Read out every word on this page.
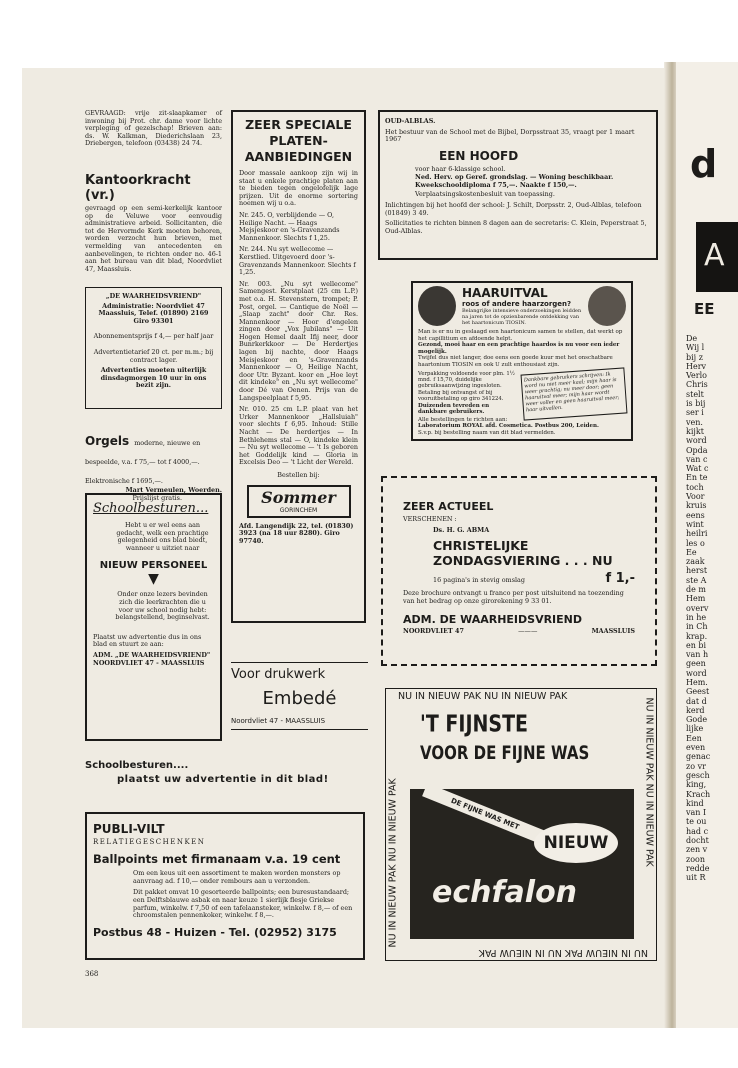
GEVRAAGD: vrije zit-slaapkamer of inwoning bij Prot. chr. dame voor lichte verpleging of gezelschap! Brieven aan: ds. W. Kalkman, Diederichslaan 23, Driebergen, telefoon (03438) 24 74.
Kantoorkracht (vr.)
gevraagd op een semi-kerkelijk kantoor op de Veluwe voor eenvoudig administratieve arbeid. Sollicitanten, die tot de Hervormde Kerk moeten behoren, worden verzocht hun brieven, met vermelding van antecedenten en aanbevelingen, te richten onder no. 46-1 aan het bureau van dit blad, Noordvliet 47, Maassluis.
„DE WAARHEIDSVRIEND"
Administratie: Noordvliet 47 Maassluis, Telef. (01890) 2169 Giro 93301
Abonnementsprijs f 4,— per half jaar
Advertentietarief 20 ct. per m.m.; bij contract lager.
Advertenties moeten uiterlijk dinsdagmorgen 10 uur in ons bezit zijn.
Orgels moderne, nieuwe en bespeelde, v.a. f 75,— tot f 4000,—. Elektronische f 1695,—.
Mart Vermeulen, Woerden.
Prijslijst gratis.
Schoolbesturen...
Hebt u er wel eens aan gedacht, welk een prachtige gelegenheid ons blad biedt, wanneer u uitziet naar
NIEUW PERSONEEL
▼
Onder onze lezers bevinden zich die leerkrachten die u voor uw school nodig hebt: belangstellend, beginselvast.
Plaatst uw advertentie dus in ons blad en stuurt ze aan:
ADM. „DE WAARHEIDSVRIEND" NOORDVLIET 47 - MAASSLUIS
ZEER SPECIALE PLATEN-AANBIEDINGEN
Door massale aankoop zijn wij in staat u enkele prachtige platen aan te bieden tegen ongelofelijk lage prijzen. Uit de enorme sortering noemen wij u o.a.
Nr. 245. O, verblijdende — O, Heilige Nacht. — Haags Mejsjeskoor en 's-Gravenzands Mannenkoor. Slechts f 1,25.
Nr. 244. Nu syt wellecome — Kerstlied. Uitgevoerd door 's-Gravenzands Mannenkoor. Slechts f 1,25.
Nr. 003. „Nu syt wellecome" Samengest. Kerstplaat (25 cm L.P.) met o.a. H. Stevenstern, trompet; P. Post, orgel. — Cantique de Noël — „Slaap zacht" door Chr. Res. Mannenkoor — Hoor d'engelen zingen door „Vox Jubilans" — Uit Hogen Hemel daalt Ifij neer, door Bunrkerkkoor — De Herdertjes lagen bij nachte, door Haags Meisjeskoor en 's-Gravenzands Mannenkoor — O, Heilige Nacht, door Utr. Byzant. koor en „Hoe leyt dit kindeke" en „Nu syt wellecome" door Dé van Oenen. Prijs van de Langspeelplaat f 5,95.
Nr. 010. 25 cm L.P. plaat van het Urker Mannenkoor „Hallsluiah" voor slechts f 6,95. Inhoud: Stille Nacht — De herdertjes — In Bethlehems stal — O, kindeke klein — Nu syt wellecome — 't Is geboren het Goddelijk kind — Gloria in Excelsis Deo — 't Licht der Wereld.
Bestellen bij:
Sommer
GORINCHEM
Afd. Langendijk 22, tel. (01830) 3923 (na 18 uur 8280). Giro 97740.
Voor drukwerk
Embedé
Noordvliet 47 - MAASSLUIS
Schoolbesturen....
plaatst uw advertentie in dit blad!
PUBLI-VILT
RELATIEGESCHENKEN
Ballpoints met firmanaam v.a. 19 cent
Om een keus uit een assortiment te maken worden monsters op aanvraag ad. f 10,— onder rembours aan u verzonden.
Dit pakket omvat 10 gesorteerde ballpoints; een buresustandaard; een Delftsblauwe asbak en naar keuze 1 sierlijk flesje Griekse parfum, winkelw. f 7,50 of een tafelaansteker, winkelw. f 8,— of een chroomstalen pennenkoker, winkelw. f 8,—.
Postbus 48 - Huizen - Tel. (02952) 3175
OUD-ALBLAS.
Het bestuur van de School met de Bijbel, Dorpsstraat 35, vraagt per 1 maart 1967
EEN HOOFD
voor haar 6-klassige school.
Ned. Herv. op Geref. grondslag. — Woning beschikbaar. Kweekschooldiploma f 75,—. Naakte f 150,—.
Verplaatsingskostenbesluit van toepassing.
Inlichtingen bij het hoofd der school: J. Schilt, Dorpsstr. 2, Oud-Alblas, telefoon (01849) 3 49.
Sollicitaties te richten binnen 8 dagen aan de secretaris: C. Klein, Peperstraat 5, Oud-Alblas.
HAARUITVAL
roos of andere haarzorgen?
Belangrijke intensieve onderzoekingen leidden na jaren tot de opzienbarende ontdekking van het haartonicum TIOSIN.
Man is er nu in geslaagd een haartonicum samen te stellen, dat werkt op het capillitium en afdoende helpt.
Gezond, mooi haar en een prachtige haardos is nu voor een ieder mogelijk.
Twijfel dus niet langer, doe eens een goede kuur met het onschatbare haartonium TIOSIN en ook U zult enthousiast zijn.
Verpakking voldoende voor plm. 1½ mnd. f 15,70, duidelijke gebruiksaanwijzing ingesloten. Betaling bij ontvangst of bij vooruitbetaling op giro 341224.
Duizenden tevreden en dankbare gebruikers.
Dankbare gebruikers schrijven: Ik word nu niet meer kaal; mijn haar is weer prachtig; nu meer door; geen haaruitval meer; mijn haar wordt weer voller en geen haaruitval meer; haar uitvallen.
Alle bestellingen te richten aan:
Laboratorium ROYAL afd. Cosmetica. Postbus 200, Leiden.
S.v.p. bij bestelling naam van dit blad vermelden.
ZEER ACTUEEL
VERSCHENEN :
Ds. H. G. ABMA
CHRISTELIJKE
ZONDAGSVIERING . . . NU
16 pagina's in stevig omslag	f 1,-
Deze brochure ontvangt u franco per post uitsluitend na toezending van het bedrag op onze girorekening 9 33 01.
ADM. DE WAARHEIDSVRIEND
NOORDVLIET 47	———	MAASSLUIS
NU IN NIEUW PAK NU IN NIEUW PAK
NU IN NIEUW PAK NU IN NIEUW PAK
NU IN NIEUW PAK NU IN NIEUW PAK	NU IN NIEUW PAK NU IN NIEUW PAK
'T FIJNSTE
VOOR DE FIJNE WAS
DE FIJNE WAS MET
NIEUW
echfalon
368
d
A
EE
De
Wij l
bij z
Herv
Verlo
Chris
stelt
is bij
ser i
ven.
kijkt
word
Opda
van c
Wat c
En te
toch
Voor
kruis
eens
wint
heilri
les o
Ee
zaak
herst
ste A
de m
Hem
overv
in he
in Ch
krap.
en bi
van h
geen
word
Hem.
Geest
dat d
kerd
Gode
lijke
Een
even
genac
zo vr
gesch
king,
Krach
kind
van I
te ou
had c
docht
zen v
zoon
redde
uit R
